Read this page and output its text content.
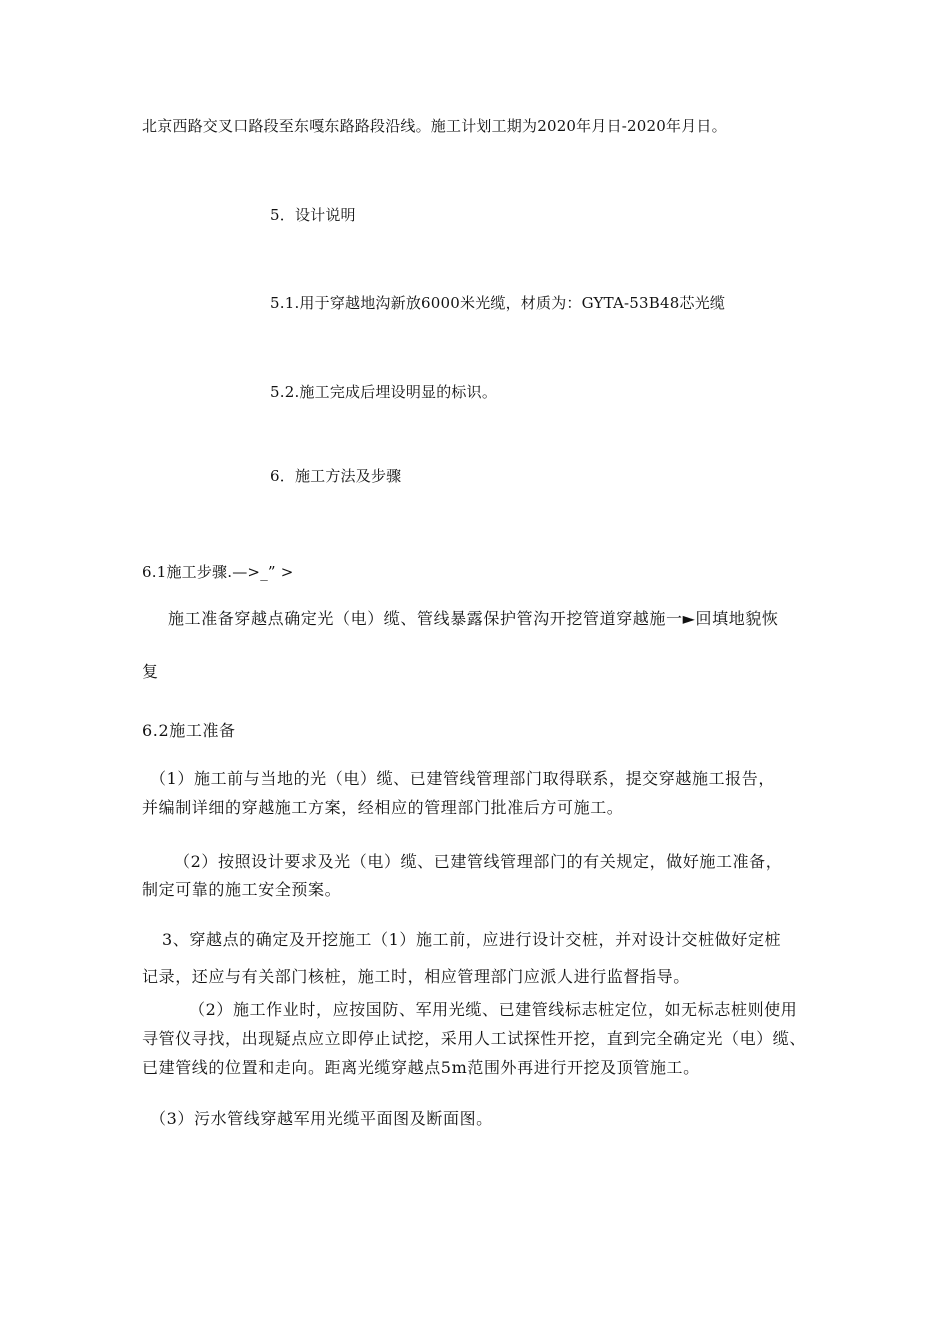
北京西路交叉口路段至东嘎东路路段沿线。施工计划工期为2020年月日-2020年月日。
5．设计说明
5.1.用于穿越地沟新放6000米光缆，材质为：GYTA-53B48芯光缆
5.2.施工完成后埋设明显的标识。
6．施工方法及步骤
6.1施工步骤.—>_” >
施工准备穿越点确定光（电）缆、管线暴露保护管沟开挖管道穿越施一►回填地貌恢
复
6.2施工准备
（1）施工前与当地的光（电）缆、已建管线管理部门取得联系，提交穿越施工报告，
并编制详细的穿越施工方案，经相应的管理部门批准后方可施工。
（2）按照设计要求及光（电）缆、已建管线管理部门的有关规定，做好施工准备，
制定可靠的施工安全预案。
3、穿越点的确定及开挖施工（1）施工前，应进行设计交桩，并对设计交桩做好定桩
记录，还应与有关部门核桩，施工时，相应管理部门应派人进行监督指导。
（2）施工作业时，应按国防、军用光缆、已建管线标志桩定位，如无标志桩则使用
寻管仪寻找，出现疑点应立即停止试挖，采用人工试探性开挖，直到完全确定光（电）缆、
已建管线的位置和走向。距离光缆穿越点5m范围外再进行开挖及顶管施工。
（3）污水管线穿越军用光缆平面图及断面图。
